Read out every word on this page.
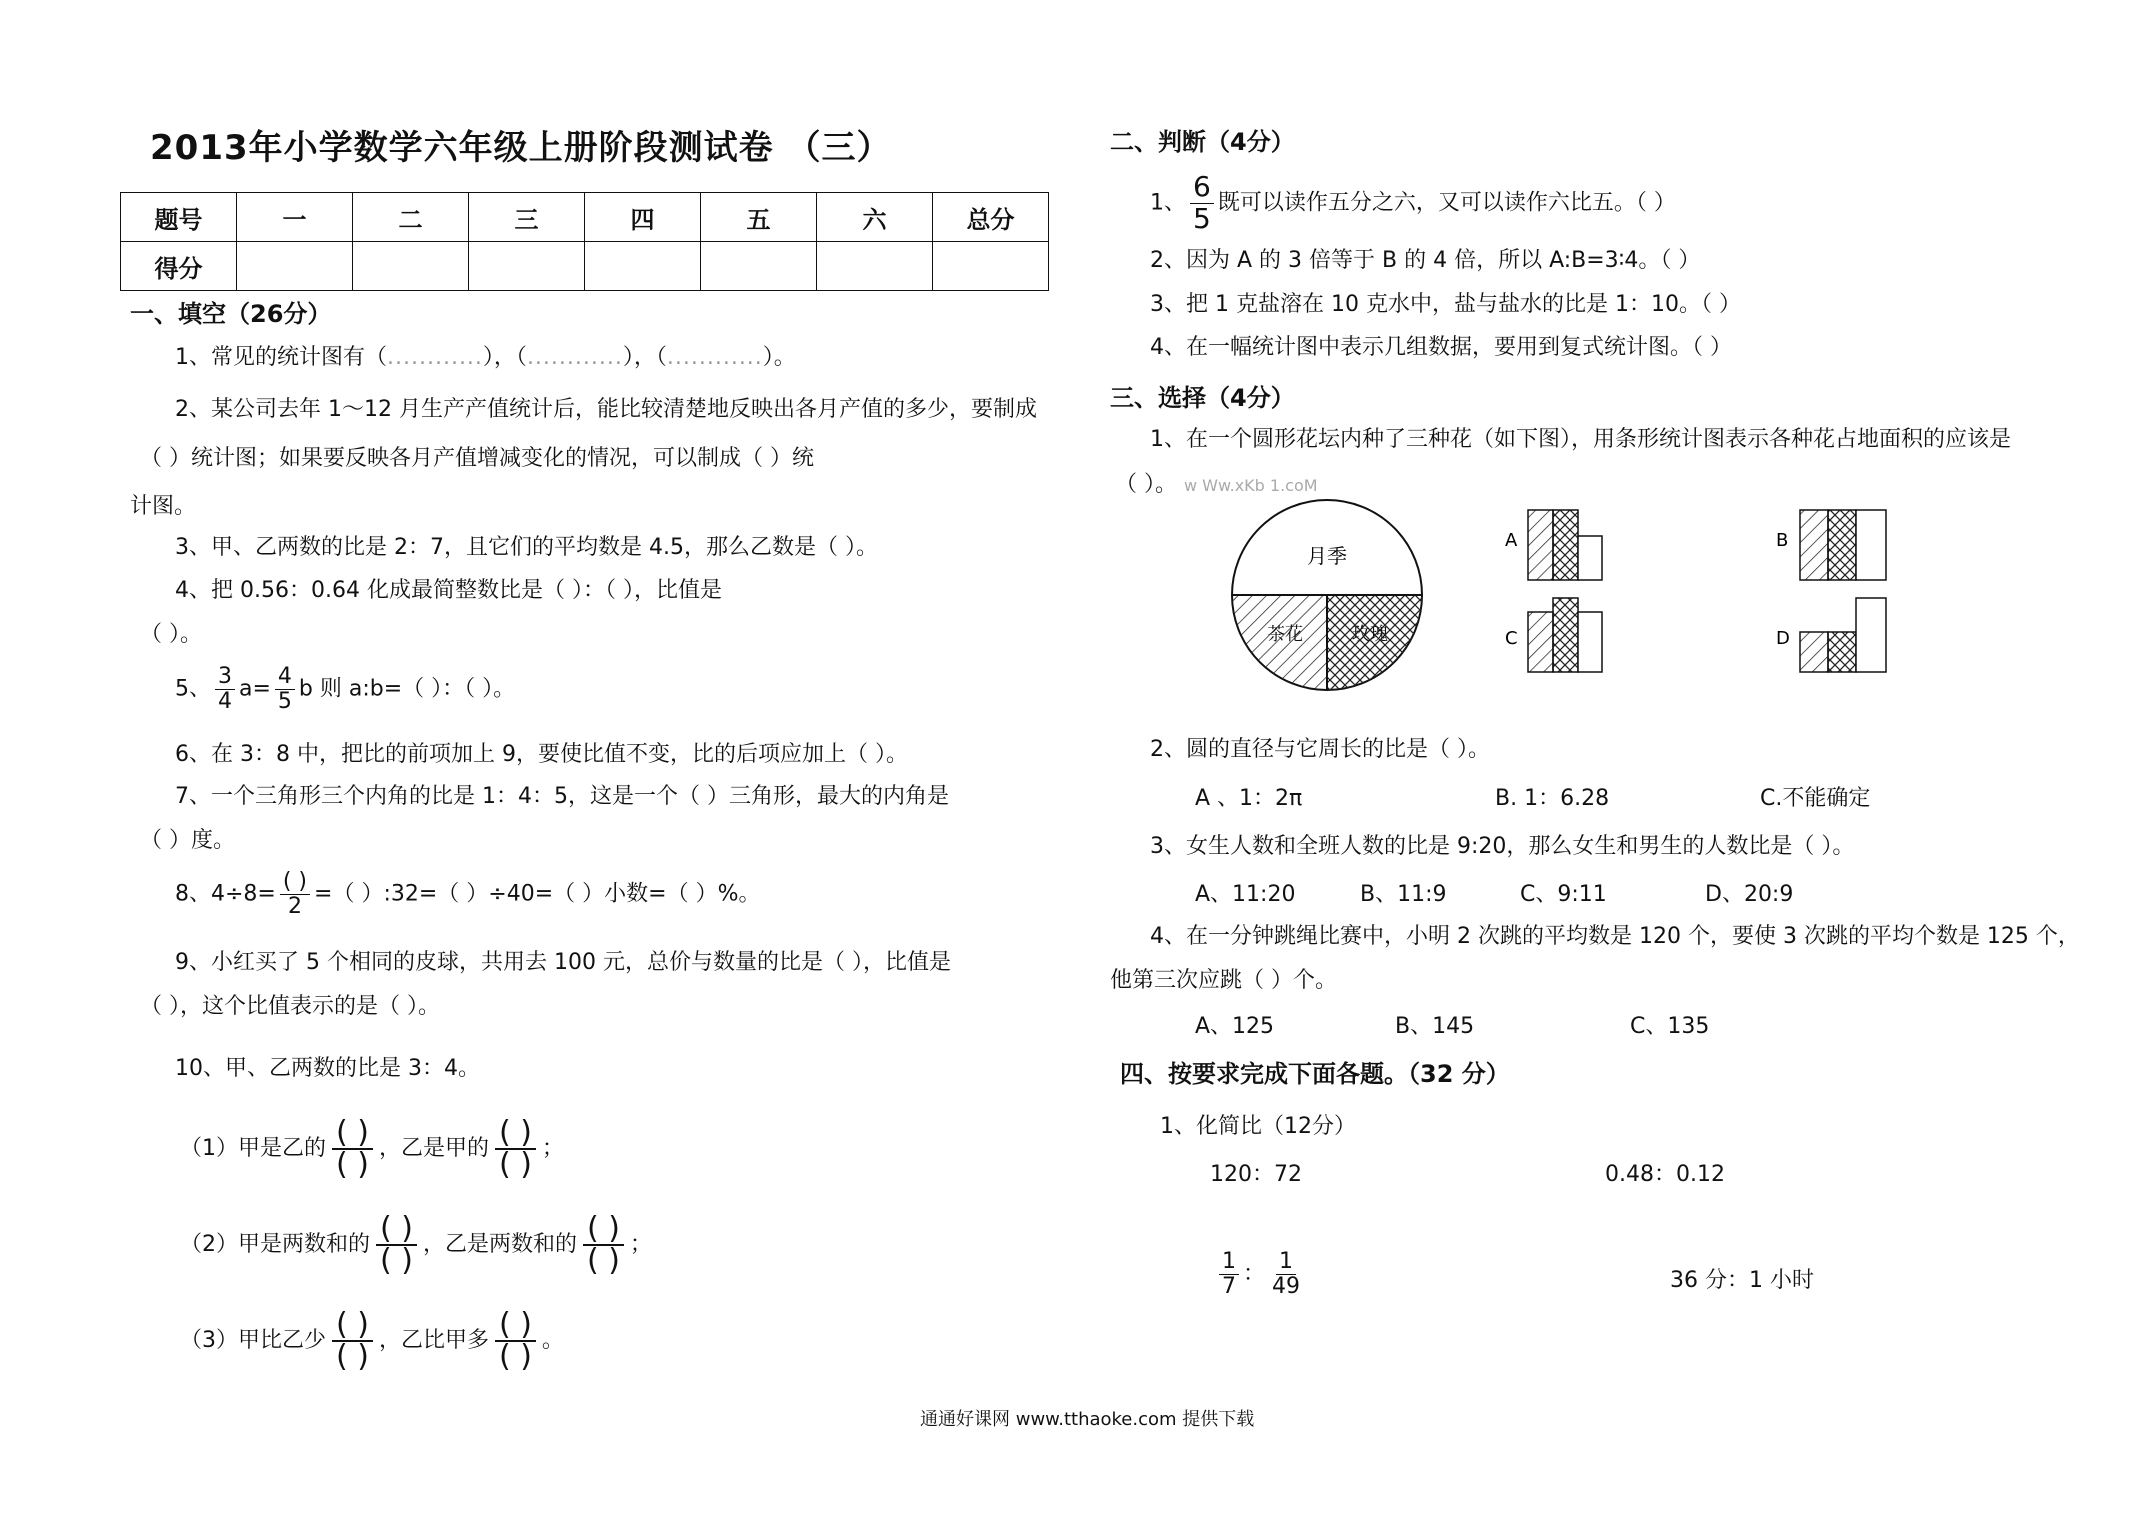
2013年小学数学六年级上册阶段测试卷 （三）
题号	一	二	三	四	五	六	总分
得分							
一、填空（26分）
1、常见的统计图有（............），（............），（............）。
2、某公司去年 1～12 月生产产值统计后，能比较清楚地反映出各月产值的多少，要制成
（ ）统计图；如果要反映各月产值增减变化的情况，可以制成（ ）统
计图。
3、甲、乙两数的比是 2：7，且它们的平均数是 4.5，那么乙数是（ ）。
4、把 0.56：0.64 化成最简整数比是（ ）：（ ），比值是
（ ）。
5、 $\frac{3}{4} a= \frac{4}{5}$ b 则 a:b=（ ）：（ ）。
6、在 3：8 中，把比的前项加上 9，要使比值不变，比的后项应加上（ ）。
7、一个三角形三个内角的比是 1：4：5，这是一个（ ）三角形，最大的内角是
（ ）度。
8、$4\div 8= \frac{( )}{2}$ =（ ）:32=（ ）÷40=（ ）小数=（ ）%。
9、小红买了 5 个相同的皮球，共用去 100 元，总价与数量的比是（ ），比值是
（ ），这个比值表示的是（ ）。
10、甲、乙两数的比是 3：4。
（1）甲是乙的 ( )
( ) ，乙是甲的 ( )
( ) ；
（2）甲是两数和的 ( )
( ) ，乙是两数和的 ( )
( ) ；
（3）甲比乙少 ( )
( ) ，乙比甲多 ( )
( ) 。
二、判断（4分）
1、 $\frac{6}{5}$ 既可以读作五分之六，又可以读作六比五。（ ）
2、因为 A 的 3 倍等于 B 的 4 倍，所以 A:B=3∶4。（ ）
3、把 1 克盐溶在 10 克水中，盐与盐水的比是 1：10。（ ）
4、在一幅统计图中表示几组数据，要用到复式统计图。（ ）
三、选择（4分）
1、在一个圆形花坛内种了三种花（如下图），用条形统计图表示各种花占地面积的应该是
（ ）。 w Ww.xKb 1.coM
月季
茶花	玫瑰
A	B
C	D
2、圆的直径与它周长的比是（ ）。
A 、1：2π	B. 1：6.28	C.不能确定
3、女生人数和全班人数的比是 9:20，那么女生和男生的人数比是（ ）。
A、11:20	B、11:9	C、9:11	D、20:9
4、在一分钟跳绳比赛中，小明 2 次跳的平均数是 120 个，要使 3 次跳的平均个数是 125 个，
他第三次应跳（ ）个。
A、125	B、145	C、135
四、按要求完成下面各题。（32 分）
1、化简比（12分）
120：72	0.48：0.12
$\frac{1}{7}$ ： $\frac{1}{49}$	36 分：1 小时
通通好课网 www.tthaoke.com 提供下载
